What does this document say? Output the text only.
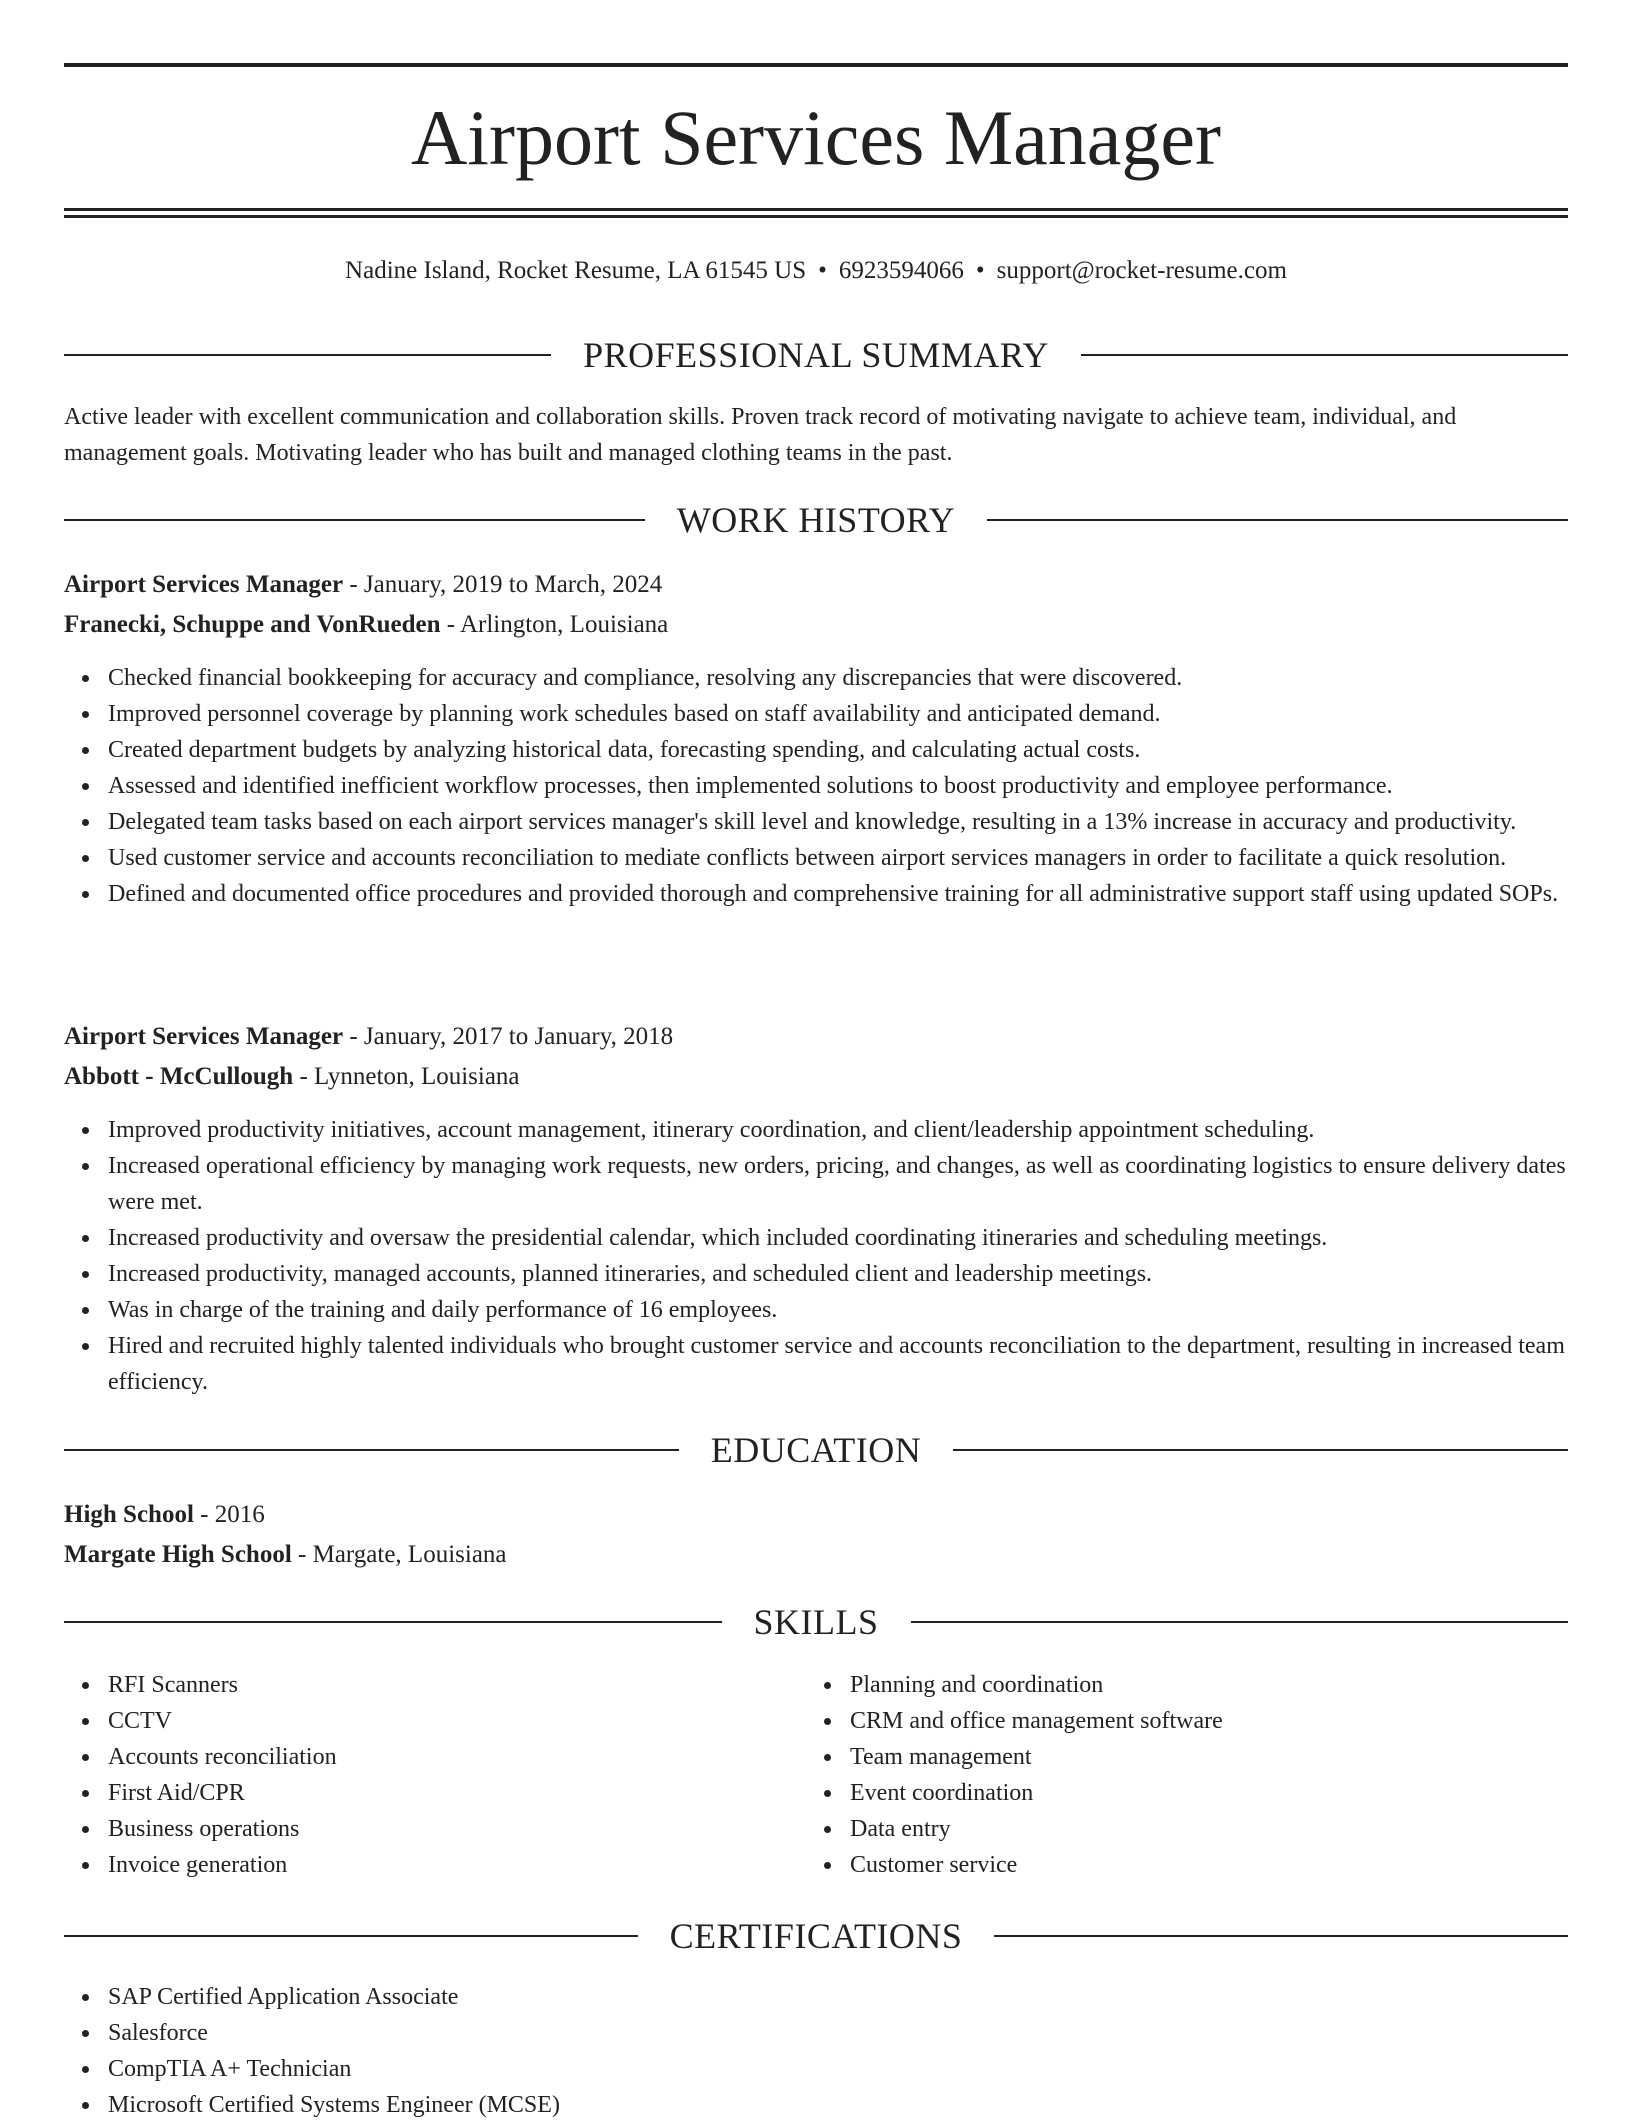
Airport Services Manager
Nadine Island, Rocket Resume, LA 61545 US • 6923594066 • support@rocket-resume.com
PROFESSIONAL SUMMARY
Active leader with excellent communication and collaboration skills. Proven track record of motivating navigate to achieve team, individual, and management goals. Motivating leader who has built and managed clothing teams in the past.
WORK HISTORY
Airport Services Manager - January, 2019 to March, 2024
Franecki, Schuppe and VonRueden - Arlington, Louisiana
Checked financial bookkeeping for accuracy and compliance, resolving any discrepancies that were discovered.
Improved personnel coverage by planning work schedules based on staff availability and anticipated demand.
Created department budgets by analyzing historical data, forecasting spending, and calculating actual costs.
Assessed and identified inefficient workflow processes, then implemented solutions to boost productivity and employee performance.
Delegated team tasks based on each airport services manager's skill level and knowledge, resulting in a 13% increase in accuracy and productivity.
Used customer service and accounts reconciliation to mediate conflicts between airport services managers in order to facilitate a quick resolution.
Defined and documented office procedures and provided thorough and comprehensive training for all administrative support staff using updated SOPs.
Airport Services Manager - January, 2017 to January, 2018
Abbott - McCullough - Lynneton, Louisiana
Improved productivity initiatives, account management, itinerary coordination, and client/leadership appointment scheduling.
Increased operational efficiency by managing work requests, new orders, pricing, and changes, as well as coordinating logistics to ensure delivery dates were met.
Increased productivity and oversaw the presidential calendar, which included coordinating itineraries and scheduling meetings.
Increased productivity, managed accounts, planned itineraries, and scheduled client and leadership meetings.
Was in charge of the training and daily performance of 16 employees.
Hired and recruited highly talented individuals who brought customer service and accounts reconciliation to the department, resulting in increased team efficiency.
EDUCATION
High School - 2016
Margate High School - Margate, Louisiana
SKILLS
RFI Scanners
CCTV
Accounts reconciliation
First Aid/CPR
Business operations
Invoice generation
Planning and coordination
CRM and office management software
Team management
Event coordination
Data entry
Customer service
CERTIFICATIONS
SAP Certified Application Associate
Salesforce
CompTIA A+ Technician
Microsoft Certified Systems Engineer (MCSE)
